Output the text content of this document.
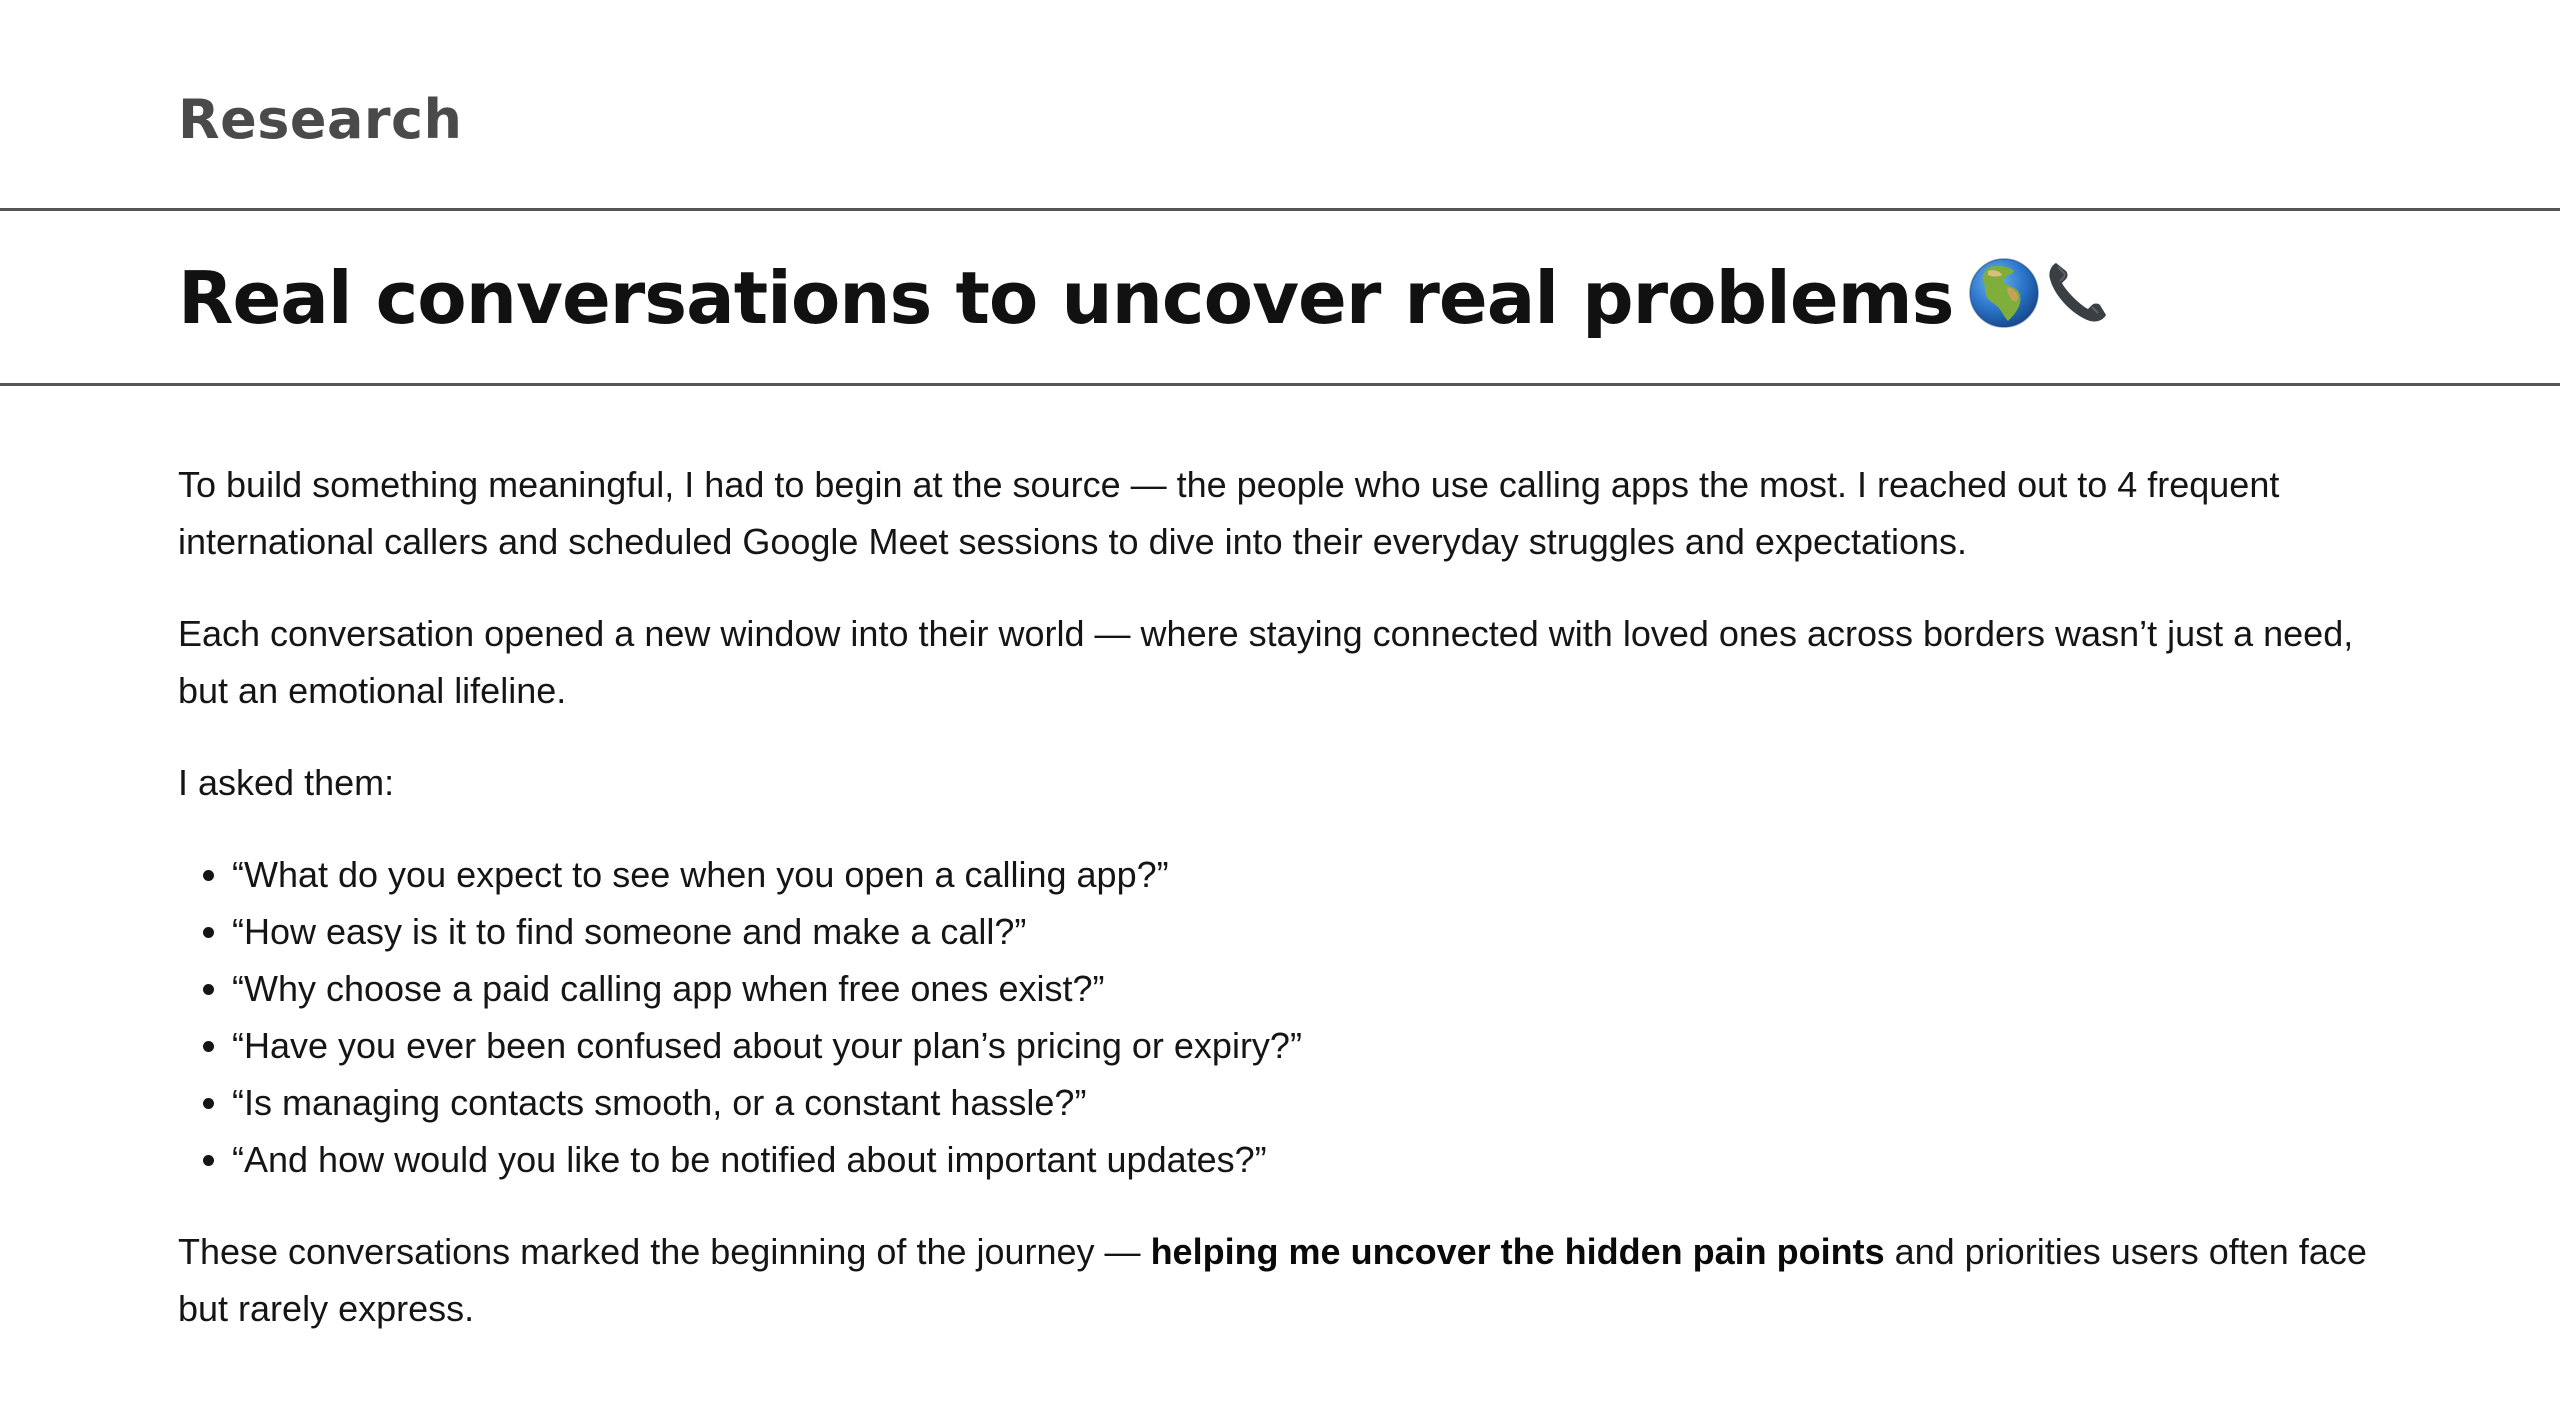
Research
Real conversations to uncover real problems

To build something meaningful, I had to begin at the source — the people who use calling apps the most. I reached out to 4 frequent international callers and scheduled Google Meet sessions to dive into their everyday struggles and expectations.

Each conversation opened a new window into their world — where staying connected with loved ones across borders wasn’t just a need, but an emotional lifeline.

I asked them:

• “What do you expect to see when you open a calling app?”
• “How easy is it to find someone and make a call?”
• “Why choose a paid calling app when free ones exist?”
• “Have you ever been confused about your plan’s pricing or expiry?”
• “Is managing contacts smooth, or a constant hassle?”
• “And how would you like to be notified about important updates?”

These conversations marked the beginning of the journey — helping me uncover the hidden pain points and priorities users often face but rarely express.
